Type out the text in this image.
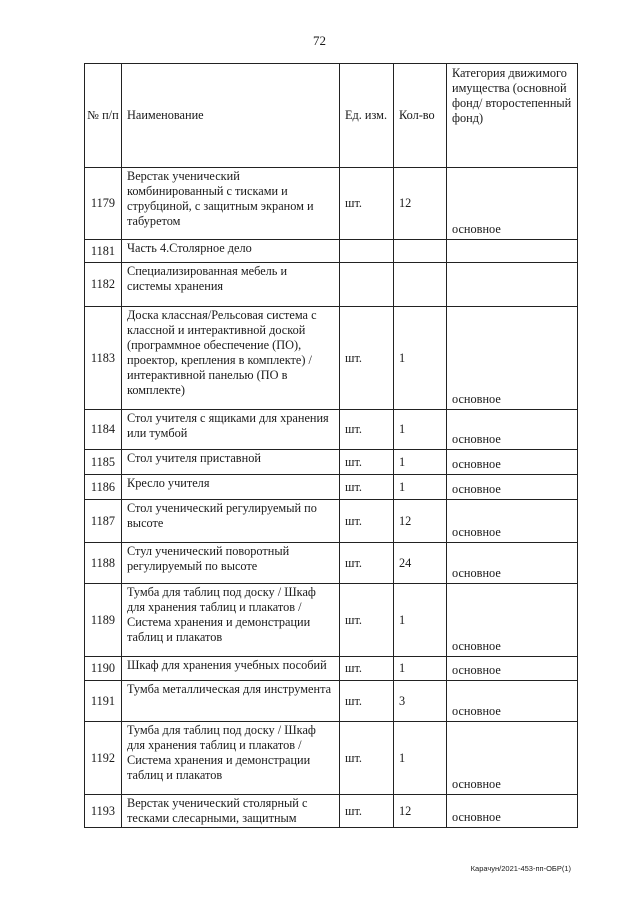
72
№ п/п	Наименование	Ед. изм.	Кол-во	Категория движимого имущества (основной фонд/ второстепенный фонд)
1179	Верстак ученический комбинированный с тисками и струбциной, с защитным экраном и табуретом	шт.	12	основное
1181	Часть 4.Столярное дело			
1182	Специализированная мебель и системы хранения			
1183	Доска классная/Рельсовая система с классной и интерактивной доской (программное обеспечение (ПО), проектор, крепления в комплекте) / интерактивной панелью (ПО в комплекте)	шт.	1	основное
1184	Стол учителя с ящиками для хранения или тумбой	шт.	1	основное
1185	Стол учителя приставной	шт.	1	основное
1186	Кресло учителя	шт.	1	основное
1187	Стол ученический регулируемый по высоте	шт.	12	основное
1188	Стул ученический поворотный регулируемый по высоте	шт.	24	основное
1189	Тумба для таблиц под доску / Шкаф для хранения таблиц и плакатов / Система хранения и демонстрации таблиц и плакатов	шт.	1	основное
1190	Шкаф для хранения учебных пособий	шт.	1	основное
1191	Тумба металлическая для инструмента	шт.	3	основное
1192	Тумба для таблиц под доску / Шкаф для хранения таблиц и плакатов / Система хранения и демонстрации таблиц и плакатов	шт.	1	основное
1193	Верстак ученический столярный с тесками слесарными, защитным	шт.	12	основное
Карачун/2021-453-пп-ОБР(1)
